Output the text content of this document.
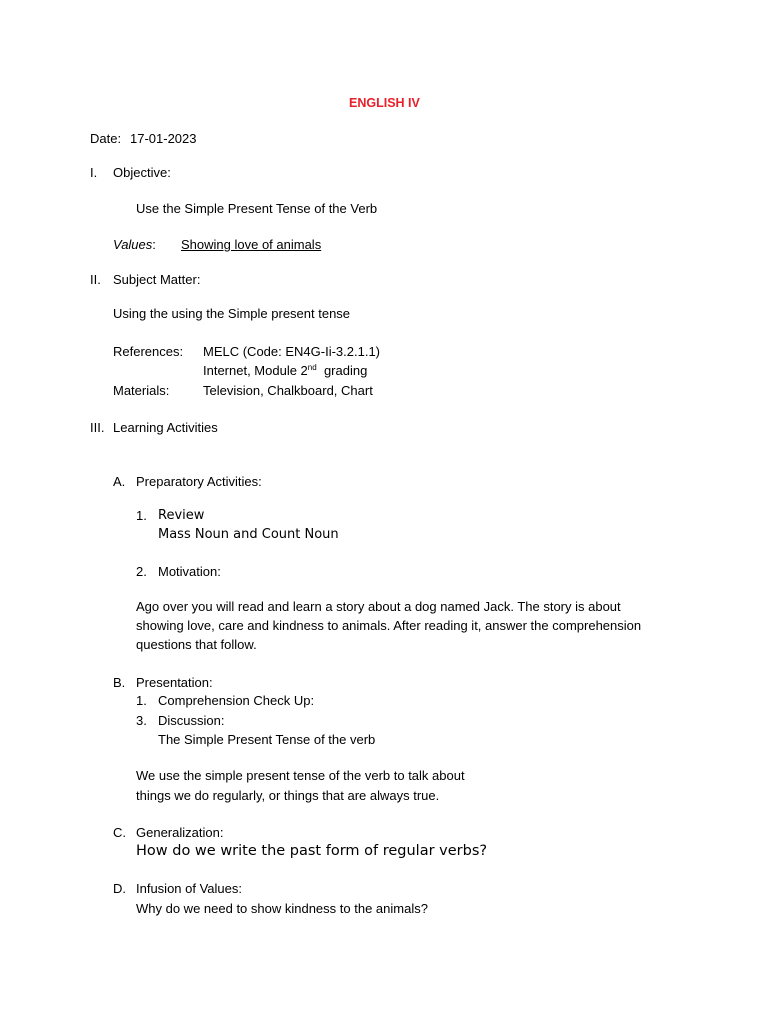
ENGLISH IV
Date: 17-01-2023
I. Objective:
Use the Simple Present Tense of the Verb
Values: Showing love of animals
II. Subject Matter:
Using the using the Simple present tense
References: MELC (Code: EN4G-Ii-3.2.1.1)
Internet, Module 2nd grading
Materials:	Television, Chalkboard, Chart
III. Learning Activities
A. Preparatory Activities:
1. Review
Mass Noun and Count Noun
2. Motivation:
Ago over you will read and learn a story about a dog named Jack. The story is about
showing love, care and kindness to animals. After reading it, answer the comprehension
questions that follow.
B. Presentation:
1. Comprehension Check Up:
3. Discussion:
The Simple Present Tense of the verb
We use the simple present tense of the verb to talk about
things we do regularly, or things that are always true.
C. Generalization:
How do we write the past form of regular verbs?
D. Infusion of Values:
Why do we need to show kindness to the animals?
